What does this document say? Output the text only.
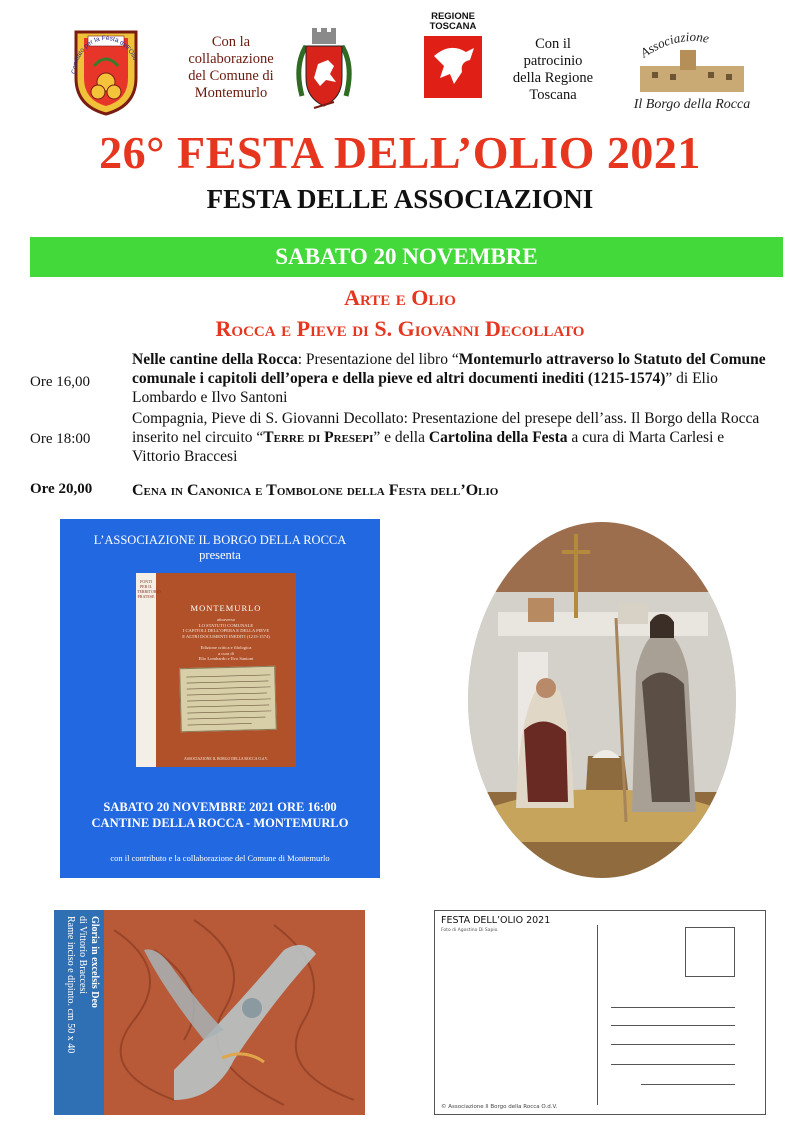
Comitato per la Festa dell'Olio
Con la
collaborazione
del Comune di
Montemurlo
REGIONE
TOSCANA
Con il
patrocinio
della Regione
Toscana
Associazione
Il Borgo della Rocca
26° FESTA DELL’OLIO 2021
FESTA DELLE ASSOCIAZIONI
SABATO 20 NOVEMBRE
Arte e Olio
Rocca e Pieve di S. Giovanni Decollato
Ore 16,00
Nelle cantine della Rocca: Presentazione del libro “Montemurlo attraverso lo Statuto del Comune comunale i capitoli dell’opera e della pieve ed altri documenti inediti (1215-1574)” di Elio Lombardo e Ilvo Santoni
Ore 18:00
Compagnia, Pieve di S. Giovanni Decollato: Presentazione del presepe dell’ass. Il Borgo della Rocca inserito nel circuito “Terre di Presepi” e della Cartolina della Festa a cura di Marta Carlesi e Vittorio Braccesi
Ore 20,00 Cena in Canonica e Tombolone della Festa dell’Olio
L’ASSOCIAZIONE IL BORGO DELLA ROCCA
presenta
FONTI PER IL TERRITORIO PRATESE
MONTEMURLO
attraverso
LO STATUTO COMUNALE
I CAPITOLI DELL’OPERA E DELLA PIEVE
E ALTRI DOCUMENTI INEDITI (1215-1574)

Edizione critica e filologica
a cura di
Elio Lombardo e Ilvo Santoni
ASSOCIAZIONE IL BORGO DELLA ROCCA O.d.V.
SABATO 20 NOVEMBRE 2021 ORE 16:00
CANTINE DELLA ROCCA - MONTEMURLO
con il contributo e la collaborazione del Comune di Montemurlo
Gloria in excelsis Deo
di Vittorio Braccesi
Rame inciso e dipinto. cm 50 x 40	FESTA DELL’OLIO 2021
Foto di Agostino Di Sapio
© Associazione Il Borgo della Rocca O.d.V.
